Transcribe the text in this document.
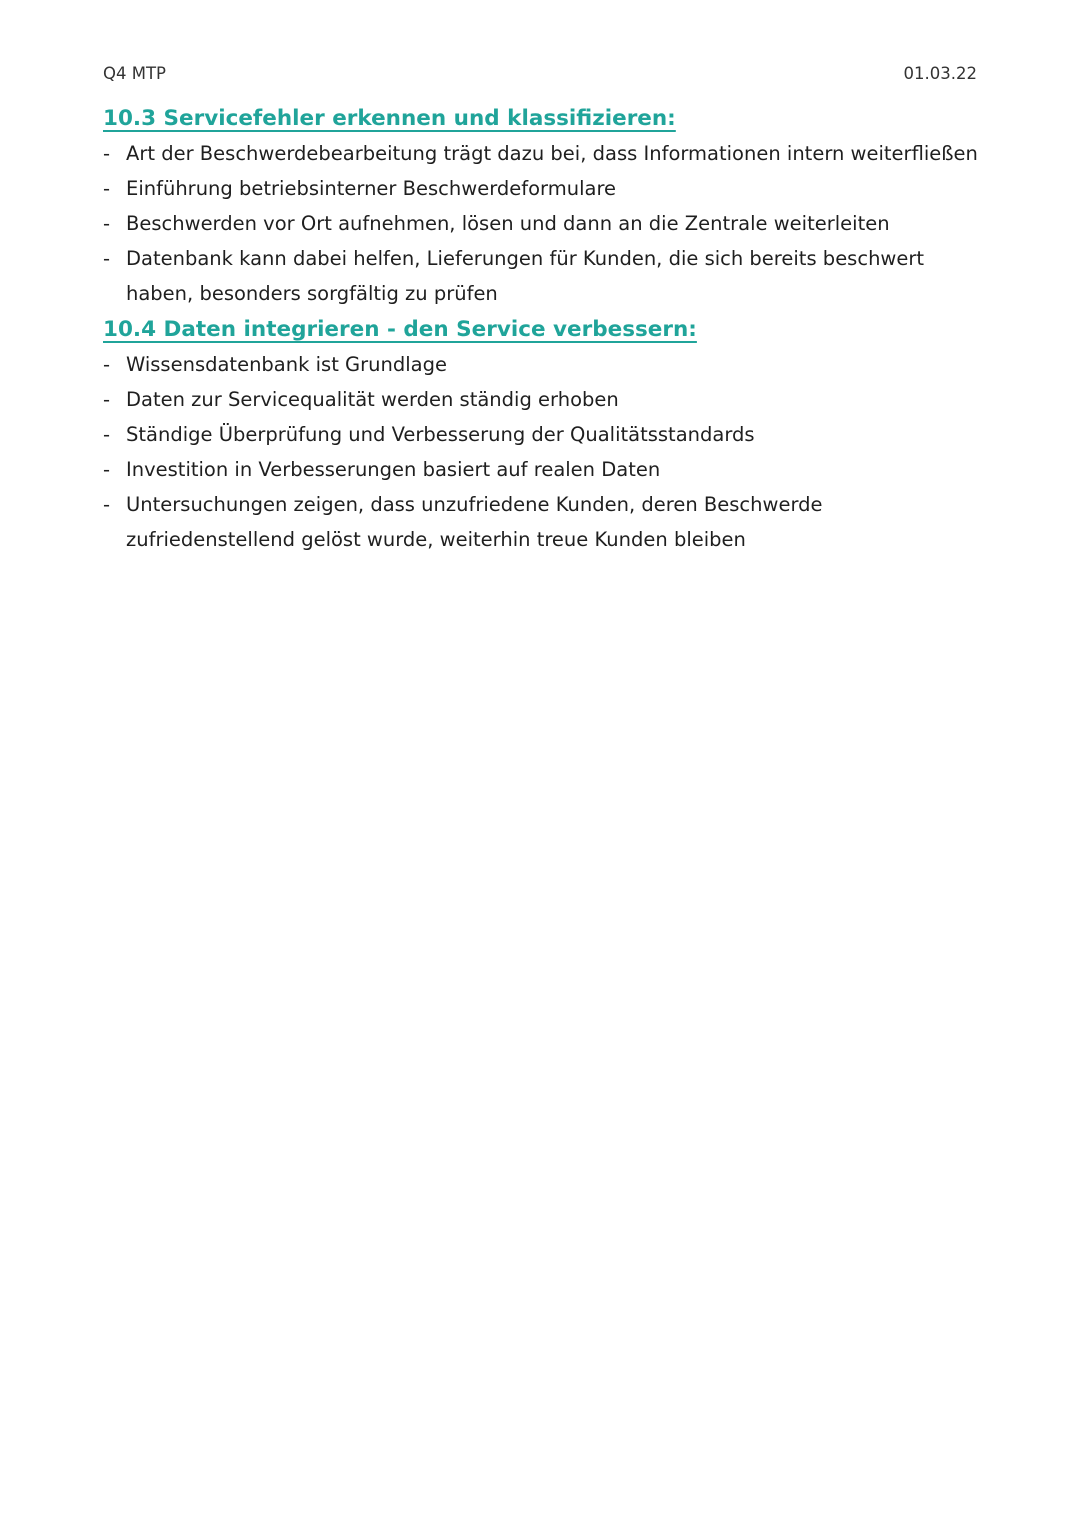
Q4 MTP	01.03.22
10.3 Servicefehler erkennen und klassifizieren:
- Art der Beschwerdebearbeitung trägt dazu bei, dass Informationen intern weiterfließen
- Einführung betriebsinterner Beschwerdeformulare
- Beschwerden vor Ort aufnehmen, lösen und dann an die Zentrale weiterleiten
- Datenbank kann dabei helfen, Lieferungen für Kunden, die sich bereits beschwert haben, besonders sorgfältig zu prüfen
10.4 Daten integrieren - den Service verbessern:
- Wissensdatenbank ist Grundlage
- Daten zur Servicequalität werden ständig erhoben
- Ständige Überprüfung und Verbesserung der Qualitätsstandards
- Investition in Verbesserungen basiert auf realen Daten
- Untersuchungen zeigen, dass unzufriedene Kunden, deren Beschwerde zufriedenstellend gelöst wurde, weiterhin treue Kunden bleiben
